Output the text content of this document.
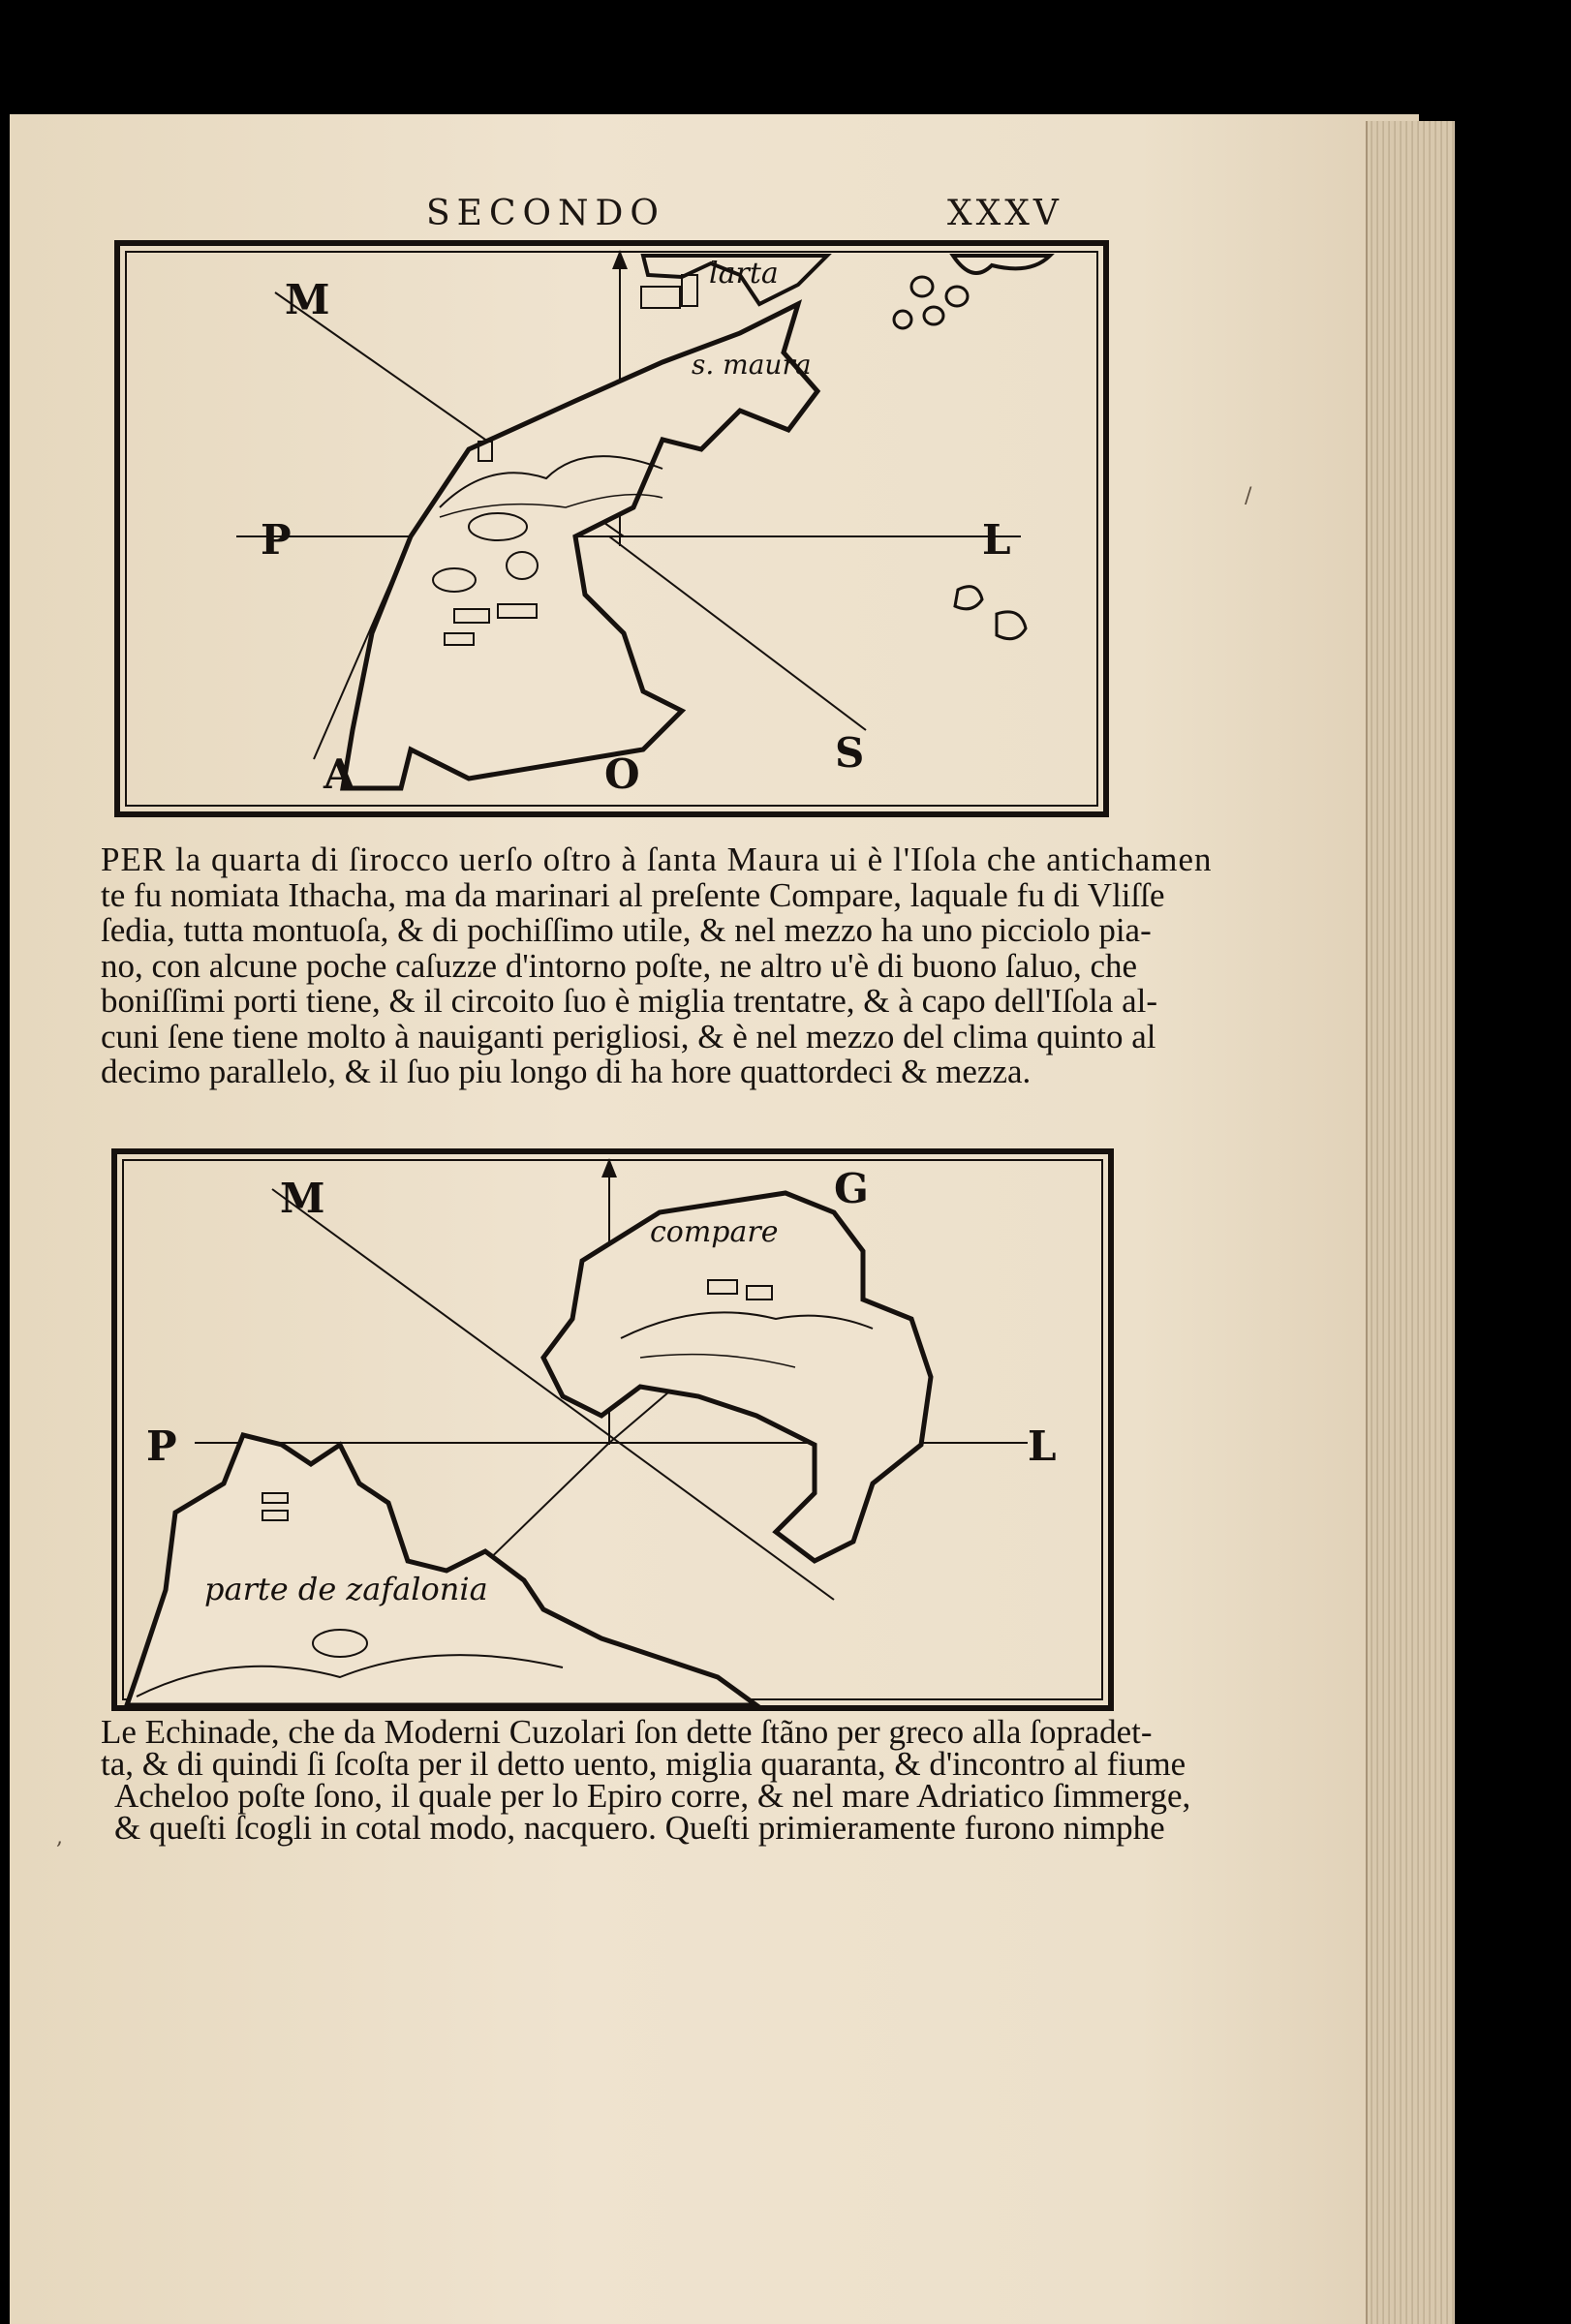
SECONDO	XXXV
larta
s. maura
M
P	L
A	O	S

PER la quarta di ſirocco uerſo oſtro à ſanta Maura ui è l'Iſola che antichamen
te fu nomiata Ithacha, ma da marinari al preſente Compare, laquale fu di Vliſſe
ſedia, tutta montuoſa, & di pochiſſimo utile, & nel mezzo ha uno picciolo pia-
no, con alcune poche caſuzze d'intorno poſte, ne altro u'è di buono ſaluo, che
boniſſimi porti tiene, & il circoito ſuo è miglia trentatre, & à capo dell'Iſola al-
cuni ſene tiene molto à nauiganti perigliosi, & è nel mezzo del clima quinto al
decimo parallelo, & il ſuo piu longo di ha hore quattordeci & mezza.

compare
parte de zafalonia
M	G
P	L

Le Echinade, che da Moderni Cuzolari ſon dette ſtãno per greco alla ſopradet-
ta, & di quindi ſi ſcoſta per il detto uento, miglia quaranta, & d'incontro al fiume
Acheloo poſte ſono, il quale per lo Epiro corre, & nel mare Adriatico ſimmerge,
& queſti ſcogli in cotal modo, nacquero. Queſti primieramente furono nimphe

/
,
